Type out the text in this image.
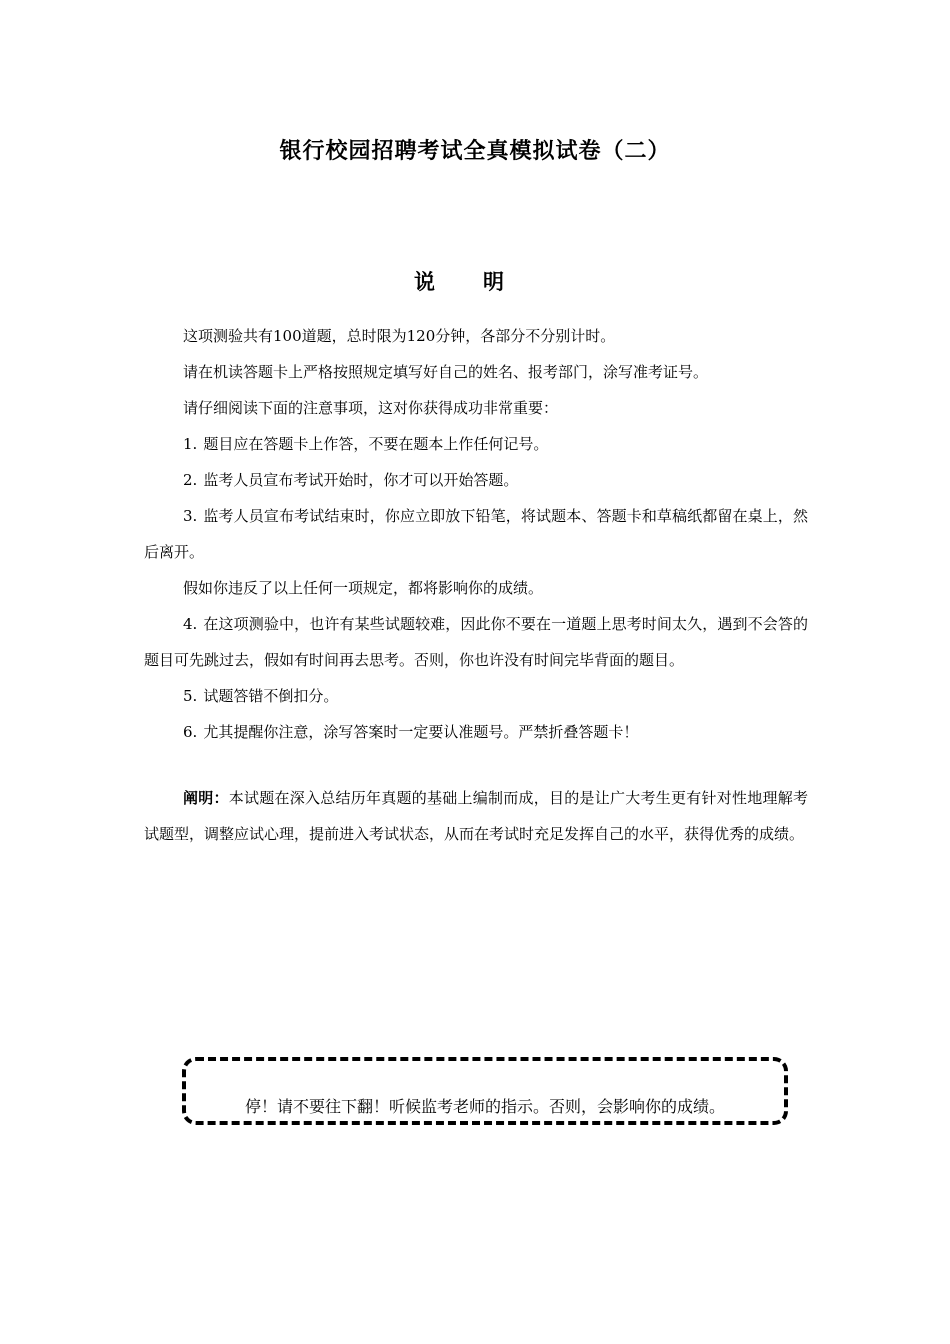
银行校园招聘考试全真模拟试卷（二）
说明

这项测验共有100道题，总时限为120分钟，各部分不分别计时。

请在机读答题卡上严格按照规定填写好自己的姓名、报考部门，涂写准考证号。

请仔细阅读下面的注意事项，这对你获得成功非常重要：

1. 题目应在答题卡上作答，不要在题本上作任何记号。

2. 监考人员宣布考试开始时，你才可以开始答题。

3. 监考人员宣布考试结束时，你应立即放下铅笔，将试题本、答题卡和草稿纸都留在桌上，然后离开。

假如你违反了以上任何一项规定，都将影响你的成绩。

4. 在这项测验中，也许有某些试题较难，因此你不要在一道题上思考时间太久，遇到不会答的题目可先跳过去，假如有时间再去思考。否则，你也许没有时间完毕背面的题目。

5. 试题答错不倒扣分。

6. 尤其提醒你注意，涂写答案时一定要认准题号。严禁折叠答题卡！

阐明：本试题在深入总结历年真题的基础上编制而成，目的是让广大考生更有针对性地理解考试题型，调整应试心理，提前进入考试状态，从而在考试时充足发挥自己的水平，获得优秀的成绩。

停！请不要往下翻！听候监考老师的指示。否则，会影响你的成绩。
